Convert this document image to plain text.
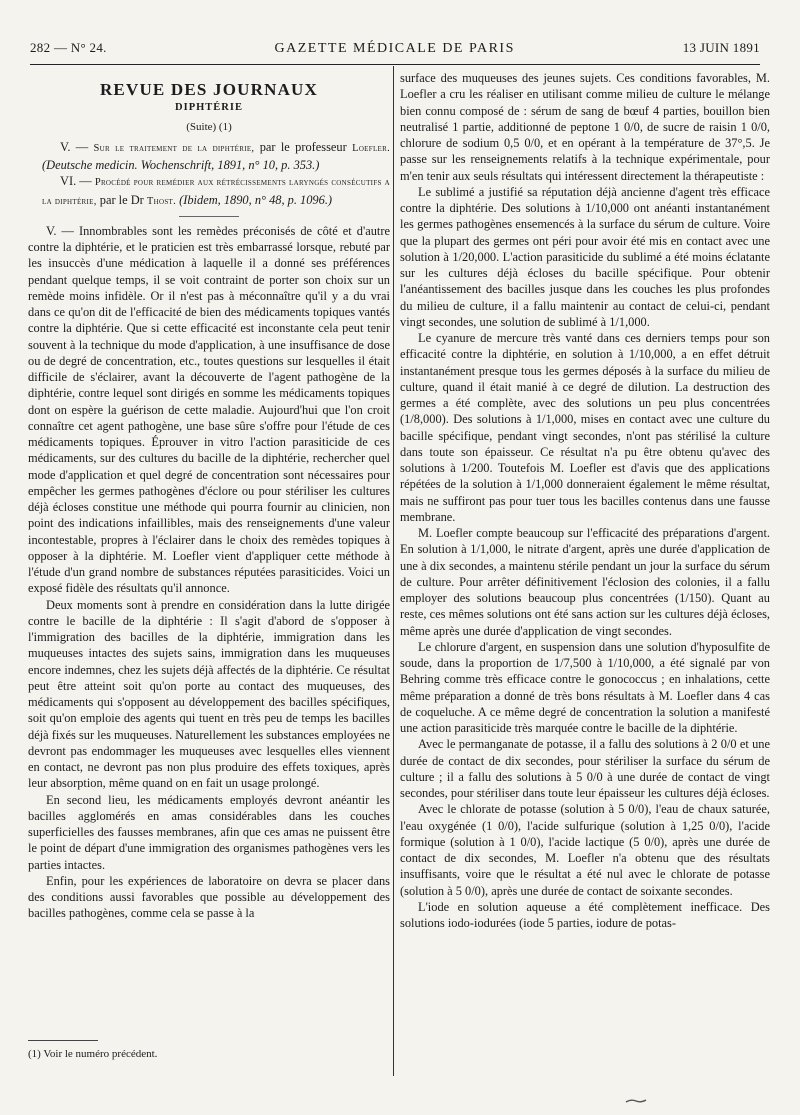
282 — N° 24.	GAZETTE MÉDICALE DE PARIS	13 JUIN 1891
REVUE DES JOURNAUX
DIPHTÉRIE
(Suite) (1)

V. — Sur le traitement de la diphtérie, par le professeur Loefler. (Deutsche medicin. Wochenschrift, 1891, n° 10, p. 353.)

VI. — Procédé pour remédier aux rétrécissements laryngés consécutifs a la diphtérie, par le Dr Thost. (Ibidem, 1890, n° 48, p. 1096.)

V. — Innombrables sont les remèdes préconisés de côté et d'autre contre la diphtérie, et le praticien est très embarrassé lorsque, rebuté par les insuccès d'une médication à laquelle il a donné ses préférences pendant quelque temps, il se voit contraint de porter son choix sur un remède moins infidèle. Or il n'est pas à méconnaître qu'il y a du vrai dans ce qu'on dit de l'efficacité de bien des médicaments topiques vantés contre la diphtérie. Que si cette efficacité est inconstante cela peut tenir souvent à la technique du mode d'application, à une insuffisance de dose ou de degré de concentration, etc., toutes questions sur lesquelles il était difficile de s'éclairer, avant la découverte de l'agent pathogène de la diphtérie, contre lequel sont dirigés en somme les médicaments topiques dont on espère la guérison de cette maladie. Aujourd'hui que l'on croit connaître cet agent pathogène, une base sûre s'offre pour l'étude de ces médicaments topiques. Éprouver in vitro l'action parasiticide de ces médicaments, sur des cultures du bacille de la diphtérie, rechercher quel mode d'application et quel degré de concentration sont nécessaires pour empêcher les germes pathogènes d'éclore ou pour stériliser les cultures déjà écloses constitue une méthode qui pourra fournir au clinicien, non point des indications infaillibles, mais des renseignements d'une valeur incontestable, propres à l'éclairer dans le choix des remèdes topiques à opposer à la diphtérie. M. Loefler vient d'appliquer cette méthode à l'étude d'un grand nombre de substances réputées parasiticides. Voici un exposé fidèle des résultats qu'il annonce.

Deux moments sont à prendre en considération dans la lutte dirigée contre le bacille de la diphtérie : Il s'agit d'abord de s'opposer à l'immigration des bacilles de la diphtérie, immigration dans les muqueuses intactes des sujets sains, immigration dans les muqueuses encore indemnes, chez les sujets déjà affectés de la diphtérie. Ce résultat peut être atteint soit qu'on porte au contact des muqueuses, des médicaments qui s'opposent au développement des bacilles spécifiques, soit qu'on emploie des agents qui tuent en très peu de temps les bacilles déjà fixés sur les muqueuses. Naturellement les substances employées ne devront pas endommager les muqueuses avec lesquelles elles viennent en contact, ne devront pas non plus produire des effets toxiques, après leur absorption, même quand on en fait un usage prolongé.

En second lieu, les médicaments employés devront anéantir les bacilles agglomérés en amas considérables dans les couches superficielles des fausses membranes, afin que ces amas ne puissent être le point de départ d'une immigration des organismes pathogènes vers les parties intactes.

Enfin, pour les expériences de laboratoire on devra se placer dans des conditions aussi favorables que possible au développement des bacilles pathogènes, comme cela se passe à la

surface des muqueuses des jeunes sujets. Ces conditions favorables, M. Loefler a cru les réaliser en utilisant comme milieu de culture le mélange bien connu composé de : sérum de sang de bœuf 4 parties, bouillon bien neutralisé 1 partie, additionné de peptone 1 0/0, de sucre de raisin 1 0/0, chlorure de sodium 0,5 0/0, et en opérant à la température de 37°,5. Je passe sur les renseignements relatifs à la technique expérimentale, pour m'en tenir aux seuls résultats qui intéressent directement la thérapeutiste :

Le sublimé a justifié sa réputation déjà ancienne d'agent très efficace contre la diphtérie. Des solutions à 1/10,000 ont anéanti instantanément les germes pathogènes ensemencés à la surface du sérum de culture. Voire que la plupart des germes ont péri pour avoir été mis en contact avec une solution à 1/20,000. L'action parasiticide du sublimé a été moins éclatante sur les cultures déjà écloses du bacille spécifique. Pour obtenir l'anéantissement des bacilles jusque dans les couches les plus profondes du milieu de culture, il a fallu maintenir au contact de celui-ci, pendant vingt secondes, une solution de sublimé à 1/1,000.

Le cyanure de mercure très vanté dans ces derniers temps pour son efficacité contre la diphtérie, en solution à 1/10,000, a en effet détruit instantanément presque tous les germes déposés à la surface du milieu de culture, quand il était manié à ce degré de dilution. La destruction des germes a été complète, avec des solutions un peu plus concentrées (1/8,000). Des solutions à 1/1,000, mises en contact avec une culture du bacille spécifique, pendant vingt secondes, n'ont pas stérilisé la culture dans toute son épaisseur. Ce résultat n'a pu être obtenu qu'avec des solutions à 1/200. Toutefois M. Loefler est d'avis que des applications répétées de la solution à 1/1,000 donneraient également le même résultat, mais ne suffiront pas pour tuer tous les bacilles contenus dans une fausse membrane.

M. Loefler compte beaucoup sur l'efficacité des préparations d'argent. En solution à 1/1,000, le nitrate d'argent, après une durée d'application de une à dix secondes, a maintenu stérile pendant un jour la surface du sérum de culture. Pour arrêter définitivement l'éclosion des colonies, il a fallu employer des solutions beaucoup plus concentrées (1/150). Quant au reste, ces mêmes solutions ont été sans action sur les cultures déjà écloses, même après une durée d'application de vingt secondes.

Le chlorure d'argent, en suspension dans une solution d'hyposulfite de soude, dans la proportion de 1/7,500 à 1/10,000, a été signalé par von Behring comme très efficace contre le gonococcus ; en inhalations, cette même préparation a donné de très bons résultats à M. Loefler dans 4 cas de coqueluche. A ce même degré de concentration la solution a manifesté une action parasiticide très marquée contre le bacille de la diphtérie.

Avec le permanganate de potasse, il a fallu des solutions à 2 0/0 et une durée de contact de dix secondes, pour stériliser la surface du sérum de culture ; il a fallu des solutions à 5 0/0 à une durée de contact de vingt secondes, pour stériliser dans toute leur épaisseur les cultures déjà écloses.

Avec le chlorate de potasse (solution à 5 0/0), l'eau de chaux saturée, l'eau oxygénée (1 0/0), l'acide sulfurique (solution à 1,25 0/0), l'acide formique (solution à 1 0/0), l'acide lactique (5 0/0), après une durée de contact de dix secondes, M. Loefler n'a obtenu que des résultats insuffisants, voire que le résultat a été nul avec le chlorate de potasse (solution à 5 0/0), après une durée de contact de soixante secondes.

L'iode en solution aqueuse a été complètement inefficace. Des solutions iodo-iodurées (iode 5 parties, iodure de potas-

(1) Voir le numéro précédent.
